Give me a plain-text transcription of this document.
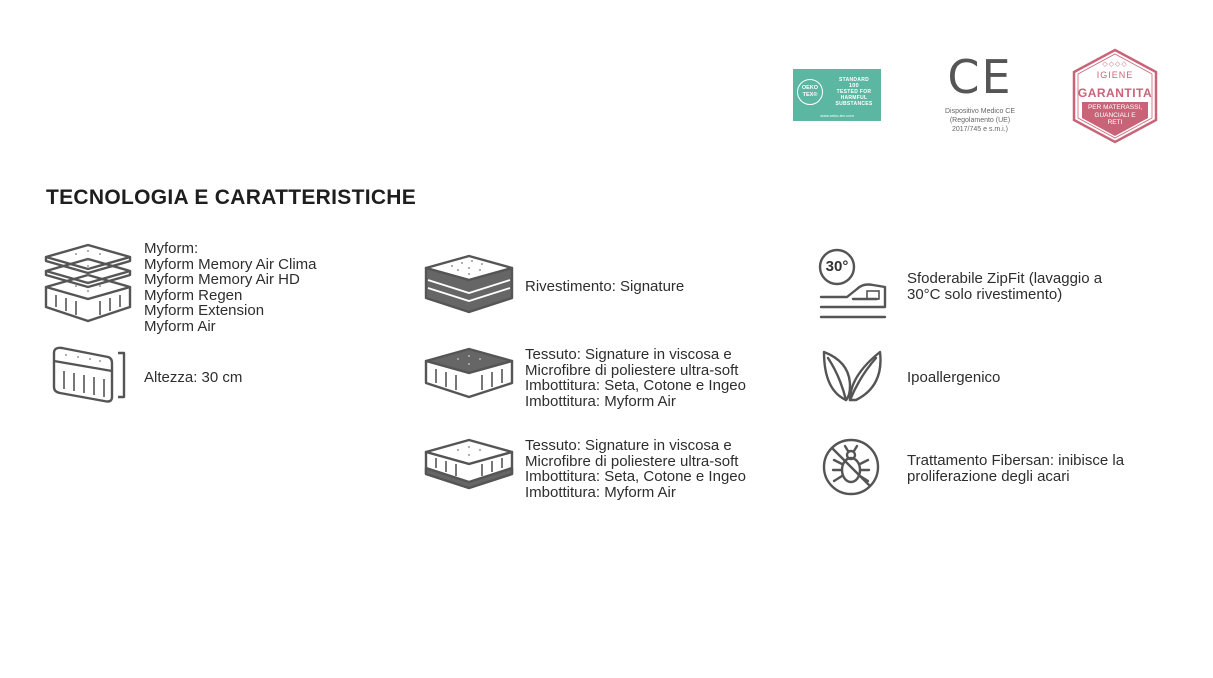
OEKO TEX®
STANDARD
100
TESTED FOR HARMFUL SUBSTANCES
www.oeko-tex.com
CE
Dispositivo Medico CE
(Regolamento (UE)
2017/745 e s.m.i.)
◇◇◇◇
IGIENE
GARANTITA
PER MATERASSI,
GUANCIALI E
RETI
TECNOLOGIA E CARATTERISTICHE
Myform:
Myform Memory Air Clima
Myform Memory Air HD
Myform Regen
Myform Extension
Myform Air
Altezza: 30 cm
Rivestimento: Signature
Tessuto: Signature in viscosa e
Microfibre di poliestere ultra-soft
Imbottitura: Seta, Cotone e Ingeo
Imbottitura: Myform Air
Tessuto: Signature in viscosa e
Microfibre di poliestere ultra-soft
Imbottitura: Seta, Cotone e Ingeo
Imbottitura: Myform Air
30°
Sfoderabile ZipFit (lavaggio a
30°C solo rivestimento)
Ipoallergenico
Trattamento Fibersan: inibisce la
proliferazione degli acari
